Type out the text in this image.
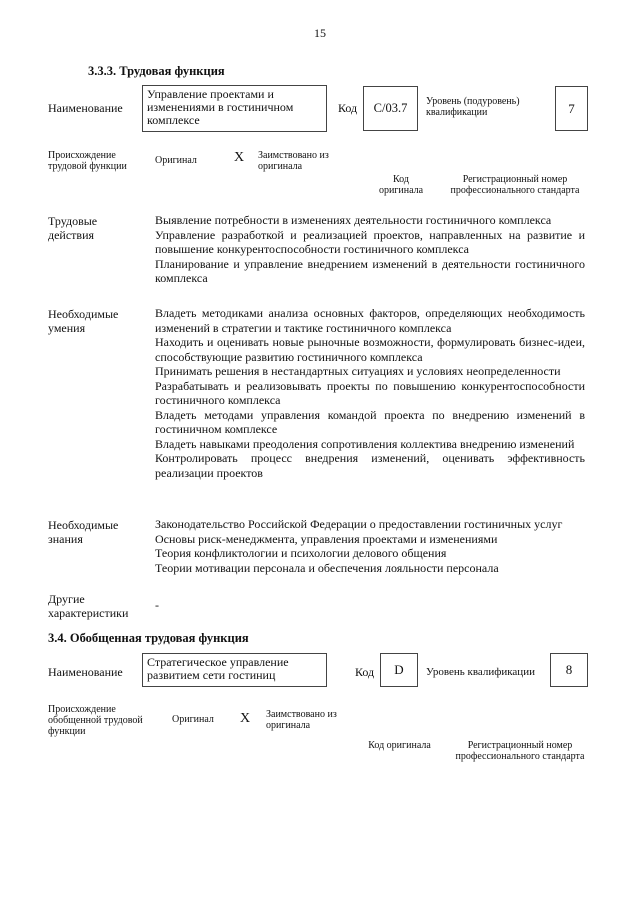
15
3.3.3. Трудовая функция
Наименование
Управление проектами и изменениями в гостиничном комплексе
Код	C/03.7	Уровень (подуровень) квалификации	7
Происхождение трудовой функции
Оригинал	X Заимствовано из оригинала
Код оригинала
Регистрационный номер профессионального стандарта
Трудовые действия
Выявление потребности в изменениях деятельности гостиничного комплекса
Управление разработкой и реализацией проектов, направленных на развитие и повышение конкурентоспособности гостиничного комплекса
Планирование и управление внедрением изменений в деятельности гостиничного комплекса
Необходимые умения
Владеть методиками анализа основных факторов, определяющих необходимость изменений в стратегии и тактике гостиничного комплекса
Находить и оценивать новые рыночные возможности, формулировать бизнес-идеи, способствующие развитию гостиничного комплекса
Принимать решения в нестандартных ситуациях и условиях неопределенности
Разрабатывать и реализовывать проекты по повышению конкурентоспособности гостиничного комплекса
Владеть методами управления командой проекта по внедрению изменений в гостиничном комплексе
Владеть навыками преодоления сопротивления коллектива внедрению изменений
Контролировать процесс внедрения изменений, оценивать эффективность реализации проектов
Необходимые знания
Законодательство Российской Федерации о предоставлении гостиничных услуг
Основы риск-менеджмента, управления проектами и изменениями
Теория конфликтологии и психологии делового общения
Теории мотивации персонала и обеспечения лояльности персонала
Другие характеристики
-
3.4. Обобщенная трудовая функция
Наименование
Стратегическое управление развитием сети гостиниц	Код	D	Уровень квалификации	8
Происхождение обобщенной трудовой функции
Оригинал X Заимствовано из оригинала
Код оригинала	Регистрационный номер профессионального стандарта
